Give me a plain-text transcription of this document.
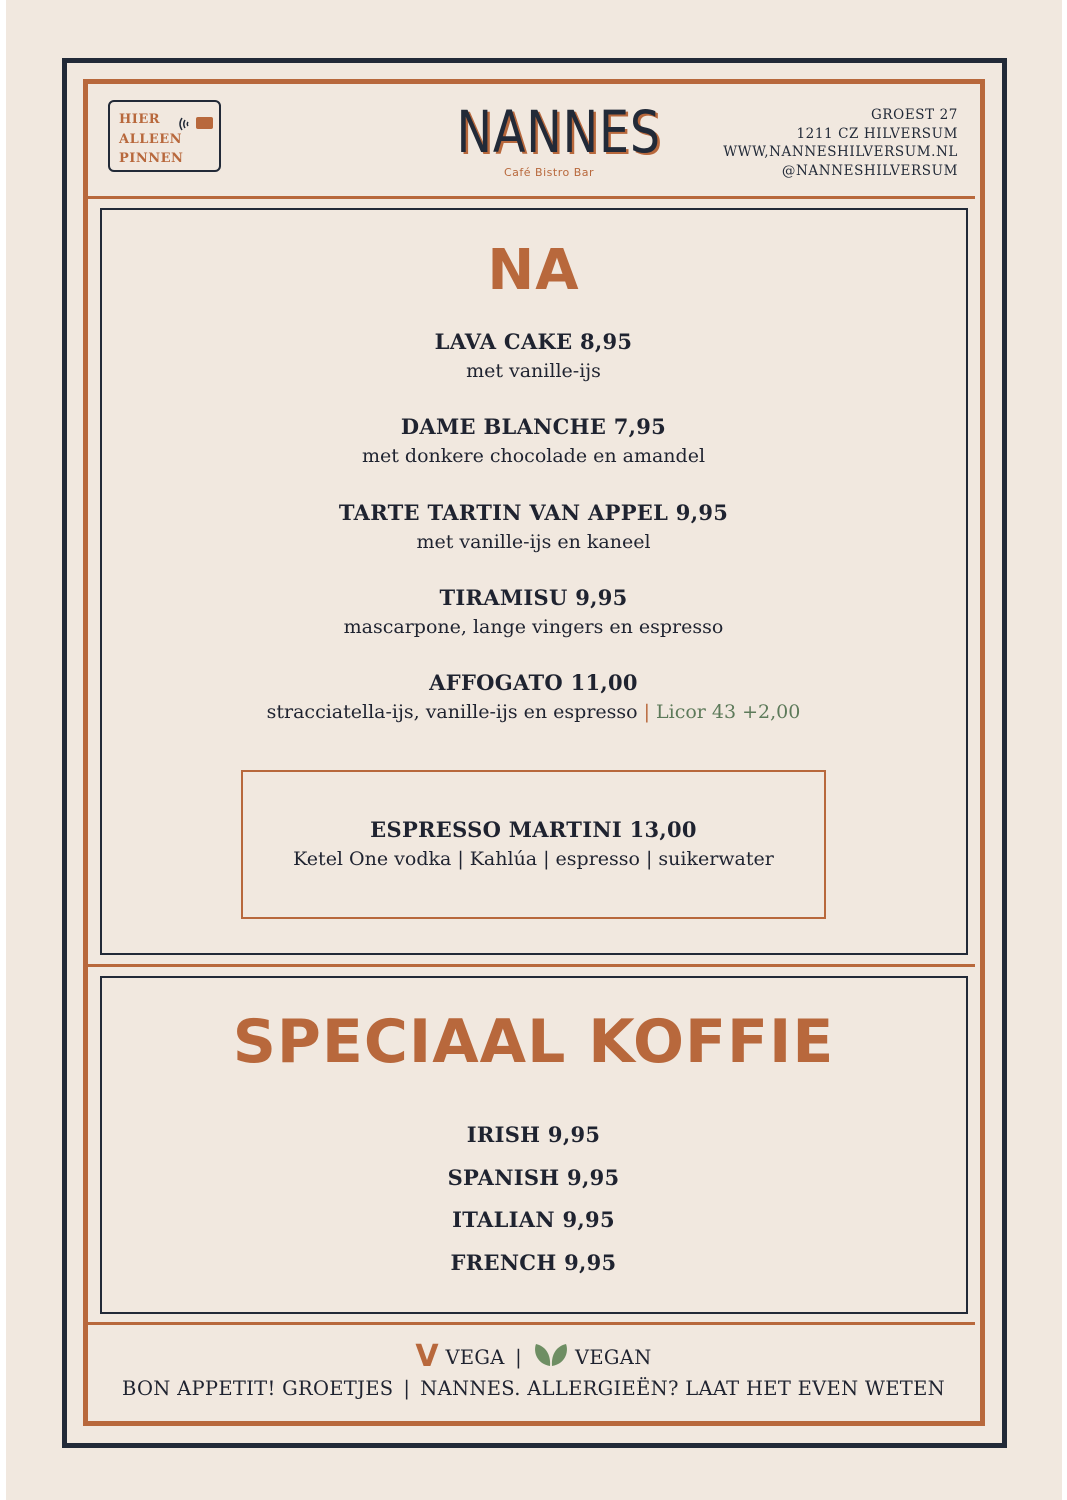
HIER
ALLEEN
PINNEN	NANNES
Café Bistro Bar
GROEST 27
1211 CZ HILVERSUM
WWW,NANNESHILVERSUM.NL
@NANNESHILVERSUM
NA
LAVA CAKE 8,95
met vanille-ijs
DAME BLANCHE 7,95
met donkere chocolade en amandel
TARTE TARTIN VAN APPEL 9,95
met vanille-ijs en kaneel
TIRAMISU 9,95
mascarpone, lange vingers en espresso
AFFOGATO 11,00
stracciatella-ijs, vanille-ijs en espresso | Licor 43 +2,00
ESPRESSO MARTINI 13,00
Ketel One vodka | Kahlúa | espresso | suikerwater
SPECIAAL KOFFIE
IRISH 9,95
SPANISH 9,95
ITALIAN 9,95
FRENCH 9,95
V VEGA |	VEGAN
BON APPETIT! GROETJES | NANNES. ALLERGIEËN? LAAT HET EVEN WETEN
